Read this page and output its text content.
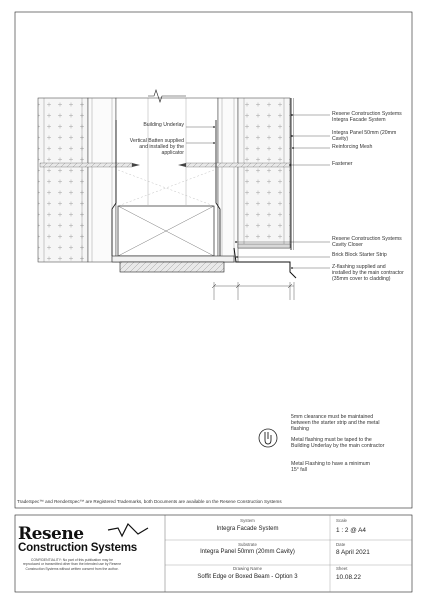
Building Underlay
Vertical Batten supplied and installed by the applicator
Resene Construction Systems Integra Facade System
Integra Panel 50mm (20mm Cavity)
Reinforcing Mesh
Fastener
Resene Construction Systems Cavity Closer
Brick Block Starter Strip
Z-flashing supplied and installed by the main contractor (35mm cover to cladding)
5mm clearance must be maintained between the starter strip and the metal flashing
Metal flashing must be taped to the Building Underlay by the main contractor
Metal Flashing to have a minimum 15° fall
TradeSpec™ and RenderSpec™ are Registered Trademarks, both Documents are available on the Resene Construction Systems
Resene
Construction Systems
CONFIDENTIALITY: No part of this publication may be reproduced or transmitted other than the intended use by Resene Construction Systems without written consent from the author.
System
Integra Facade System
Substrate
Integra Panel 50mm (20mm Cavity)
Drawing Name
Soffit Edge or Boxed Beam - Option 3
Scale
1 : 2 @ A4
Date
8 April 2021
Sheet
10.08.22
